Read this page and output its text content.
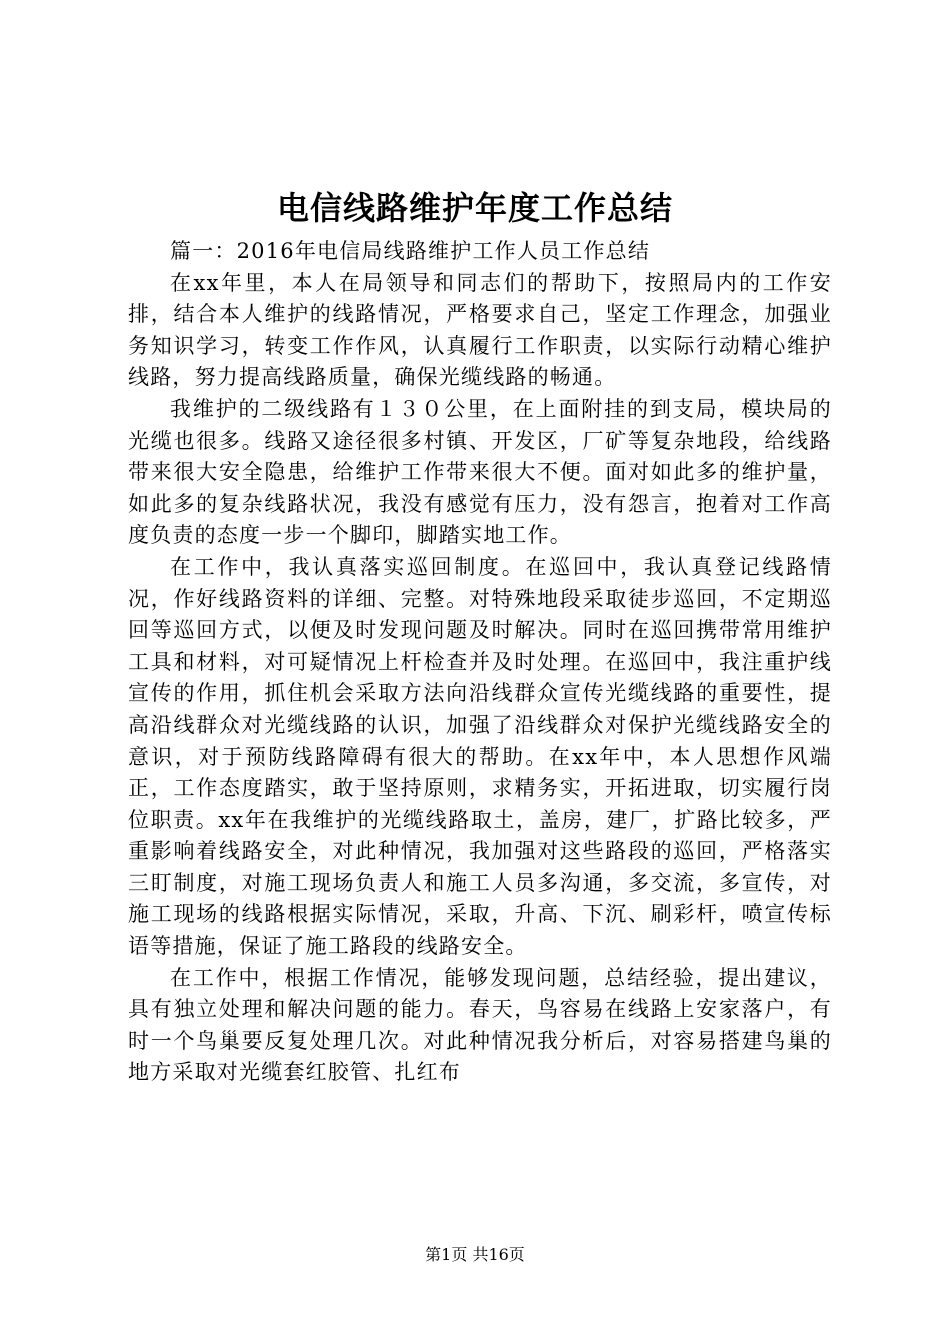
电信线路维护年度工作总结

篇一：2016年电信局线路维护工作人员工作总结

在xx年里，本人在局领导和同志们的帮助下，按照局内的工作安排，结合本人维护的线路情况，严格要求自己，坚定工作理念，加强业务知识学习，转变工作作风，认真履行工作职责，以实际行动精心维护线路，努力提高线路质量，确保光缆线路的畅通。

我维护的二级线路有１３０公里，在上面附挂的到支局，模块局的光缆也很多。线路又途径很多村镇、开发区，厂矿等复杂地段，给线路带来很大安全隐患，给维护工作带来很大不便。面对如此多的维护量，如此多的复杂线路状况，我没有感觉有压力，没有怨言，抱着对工作高度负责的态度一步一个脚印，脚踏实地工作。

在工作中，我认真落实巡回制度。在巡回中，我认真登记线路情况，作好线路资料的详细、完整。对特殊地段采取徒步巡回，不定期巡回等巡回方式，以便及时发现问题及时解决。同时在巡回携带常用维护工具和材料，对可疑情况上杆检查并及时处理。在巡回中，我注重护线宣传的作用，抓住机会采取方法向沿线群众宣传光缆线路的重要性，提高沿线群众对光缆线路的认识，加强了沿线群众对保护光缆线路安全的意识，对于预防线路障碍有很大的帮助。在xx年中，本人思想作风端正，工作态度踏实，敢于坚持原则，求精务实，开拓进取，切实履行岗位职责。xx年在我维护的光缆线路取土，盖房，建厂，扩路比较多，严重影响着线路安全，对此种情况，我加强对这些路段的巡回，严格落实三盯制度，对施工现场负责人和施工人员多沟通，多交流，多宣传，对施工现场的线路根据实际情况，采取，升高、下沉、刷彩杆，喷宣传标语等措施，保证了施工路段的线路安全。

在工作中，根据工作情况，能够发现问题，总结经验，提出建议，具有独立处理和解决问题的能力。春天，鸟容易在线路上安家落户，有时一个鸟巢要反复处理几次。对此种情况我分析后，对容易搭建鸟巢的地方采取对光缆套红胶管、扎红布

第1页 共16页
